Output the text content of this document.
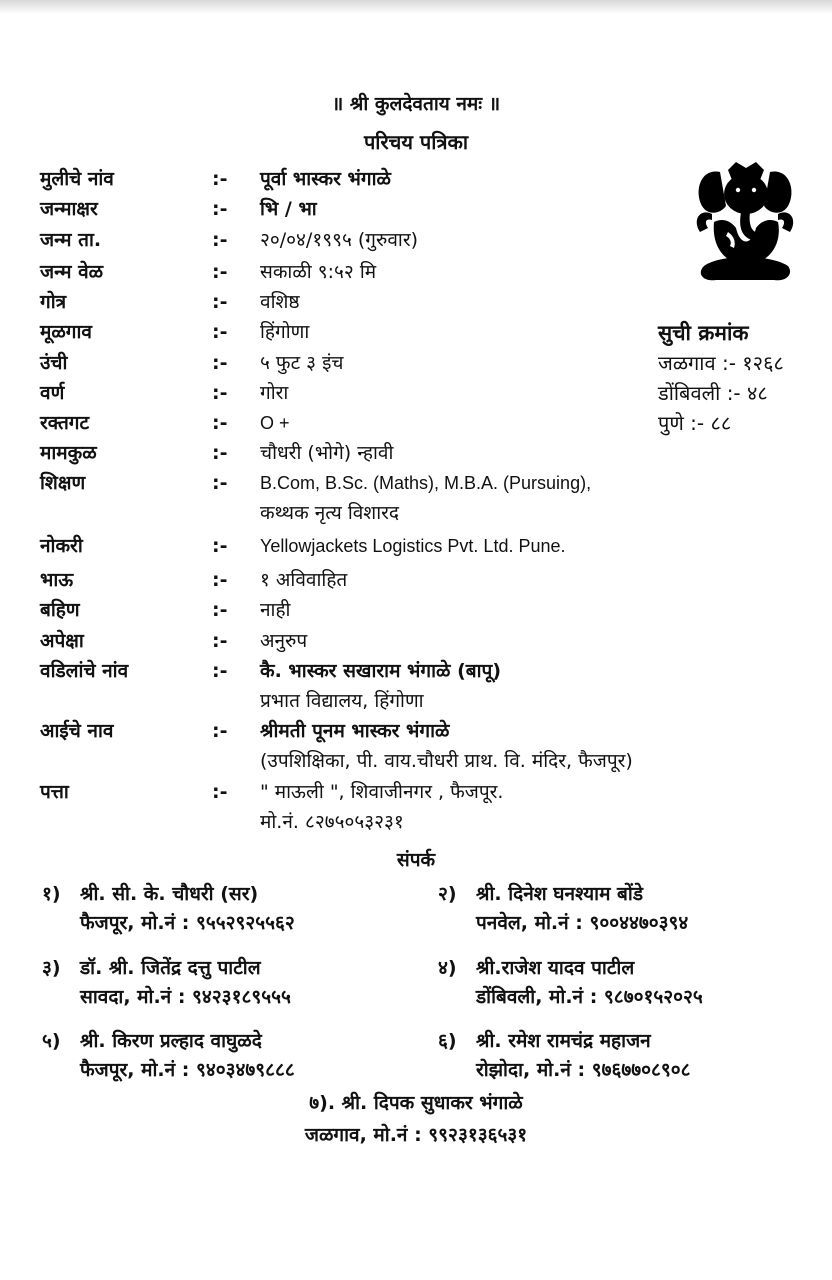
॥ श्री कुलदेवताय नमः ॥
परिचय पत्रिका
मुलीचे नांव	:- पूर्वा भास्कर भंगाळे
जन्माक्षर	:- भि / भा
जन्म ता.	:- २०/०४/१९९५ (गुरुवार)
जन्म वेळ	:- सकाळी ९:५२ मि
गोत्र	:- वशिष्ठ
मूळगाव	:- हिंगोणा
उंची	:- ५ फुट ३ इंच
वर्ण	:- गोरा
रक्तगट	:- O +
मामकुळ	:- चौधरी (भोगे) न्हावी
शिक्षण	:- B.Com, B.Sc. (Maths), M.B.A. (Pursuing),
कथ्थक नृत्य विशारद
नोकरी	:- Yellowjackets Logistics Pvt. Ltd. Pune.
भाऊ	:- १ अविवाहित
बहिण	:- नाही
अपेक्षा	:- अनुरुप
वडिलांचे नांव	:- कै. भास्कर सखाराम भंगाळे (बापू)
प्रभात विद्यालय, हिंगोणा
आईचे नाव	:- श्रीमती पूनम भास्कर भंगाळे
(उपशिक्षिका, पी. वाय.चौधरी प्राथ. वि. मंदिर, फैजपूर)
पत्ता	:- " माऊली ", शिवाजीनगर , फैजपूर.
मो.नं. ८२७५०५३२३१
सुची क्रमांक
जळगाव :- १२६८
डोंबिवली :- ४८
पुणे :- ८८
संपर्क
१) श्री. सी. के. चौधरी (सर)
फैजपूर, मो.नं : ९५५२९२५५६२
२) श्री. दिनेश घनश्याम बोंडे
पनवेल, मो.नं : ९००४४७०३९४
३) डॉ. श्री. जितेंद्र दत्तु पाटील
सावदा, मो.नं : ९४२३१८९५५५
४) श्री.राजेश यादव पाटील
डोंबिवली, मो.नं : ९८७०१५२०२५
५) श्री. किरण प्रल्हाद वाघुळदे
फैजपूर, मो.नं : ९४०३४७९८८८
६) श्री. रमेश रामचंद्र महाजन
रोझोदा, मो.नं : ९७६७७०८९०८
७). श्री. दिपक सुधाकर भंगाळे
जळगाव, मो.नं : ९९२३१३६५३१
